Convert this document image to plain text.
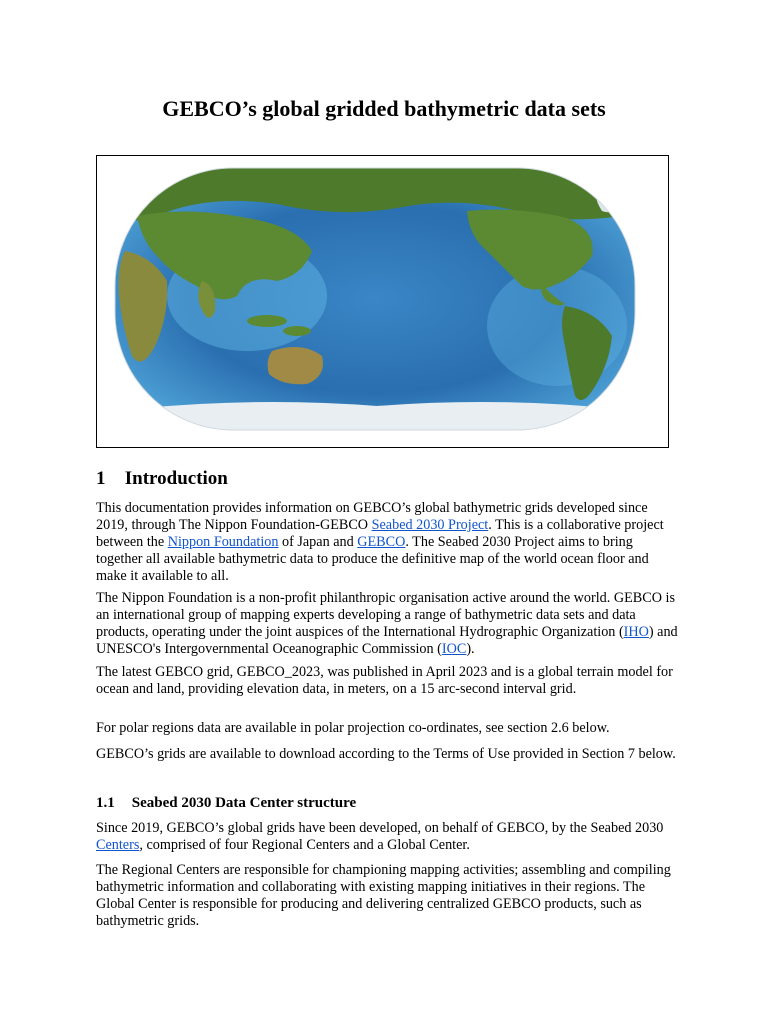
GEBCO’s global gridded bathymetric data sets
1 Introduction

This documentation provides information on GEBCO’s global bathymetric grids developed since 2019, through The Nippon Foundation-GEBCO Seabed 2030 Project. This is a collaborative project between the Nippon Foundation of Japan and GEBCO. The Seabed 2030 Project aims to bring together all available bathymetric data to produce the definitive map of the world ocean floor and make it available to all.

The Nippon Foundation is a non-profit philanthropic organisation active around the world. GEBCO is an international group of mapping experts developing a range of bathymetric data sets and data products, operating under the joint auspices of the International Hydrographic Organization (IHO) and UNESCO's Intergovernmental Oceanographic Commission (IOC).

The latest GEBCO grid, GEBCO_2023, was published in April 2023 and is a global terrain model for ocean and land, providing elevation data, in meters, on a 15 arc-second interval grid.

For polar regions data are available in polar projection co-ordinates, see section 2.6 below.

GEBCO’s grids are available to download according to the Terms of Use provided in Section 7 below.

1.1 Seabed 2030 Data Center structure

Since 2019, GEBCO’s global grids have been developed, on behalf of GEBCO, by the Seabed 2030 Centers, comprised of four Regional Centers and a Global Center.

The Regional Centers are responsible for championing mapping activities; assembling and compiling bathymetric information and collaborating with existing mapping initiatives in their regions. The Global Center is responsible for producing and delivering centralized GEBCO products, such as bathymetric grids.
